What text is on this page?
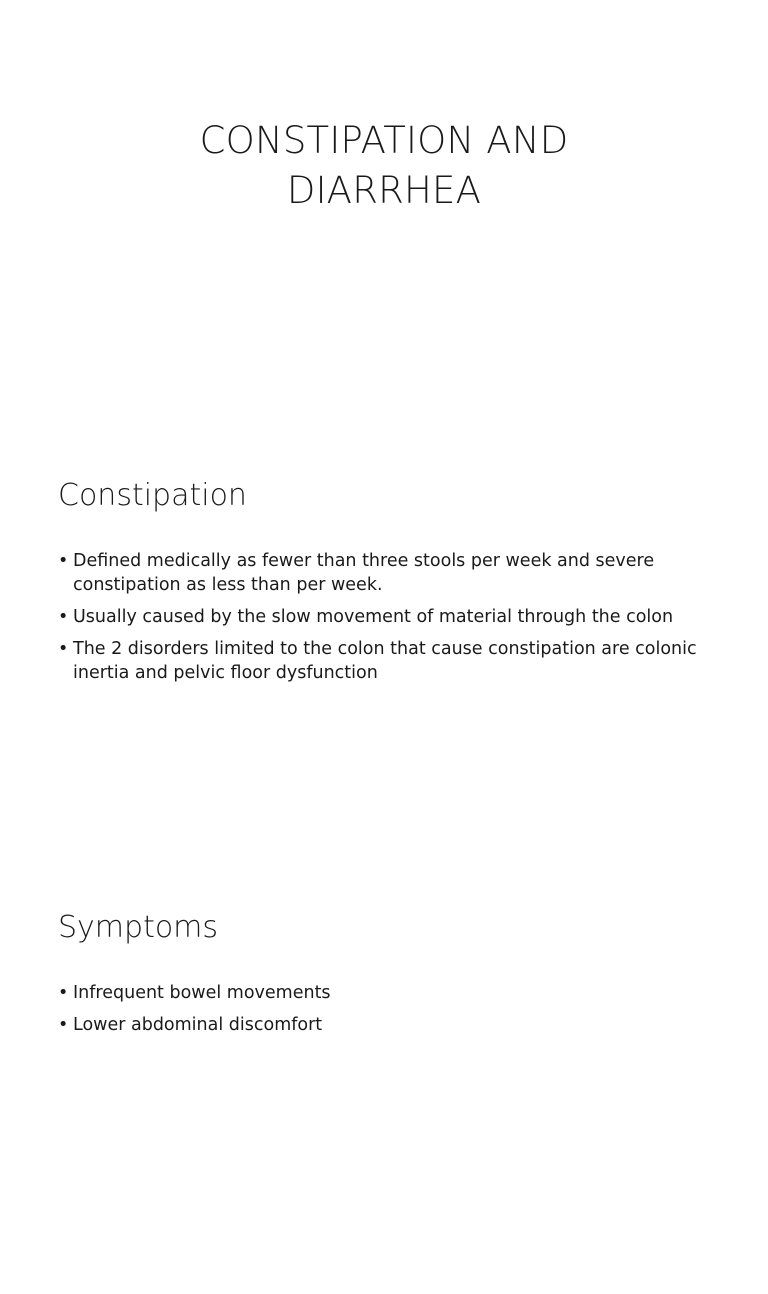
CONSTIPATION AND
DIARRHEA
Constipation
• Defined medically as fewer than three stools per week and severe constipation as less than per week.
• Usually caused by the slow movement of material through the colon
• The 2 disorders limited to the colon that cause constipation are colonic inertia and pelvic floor dysfunction
Symptoms
• Infrequent bowel movements
• Lower abdominal discomfort
